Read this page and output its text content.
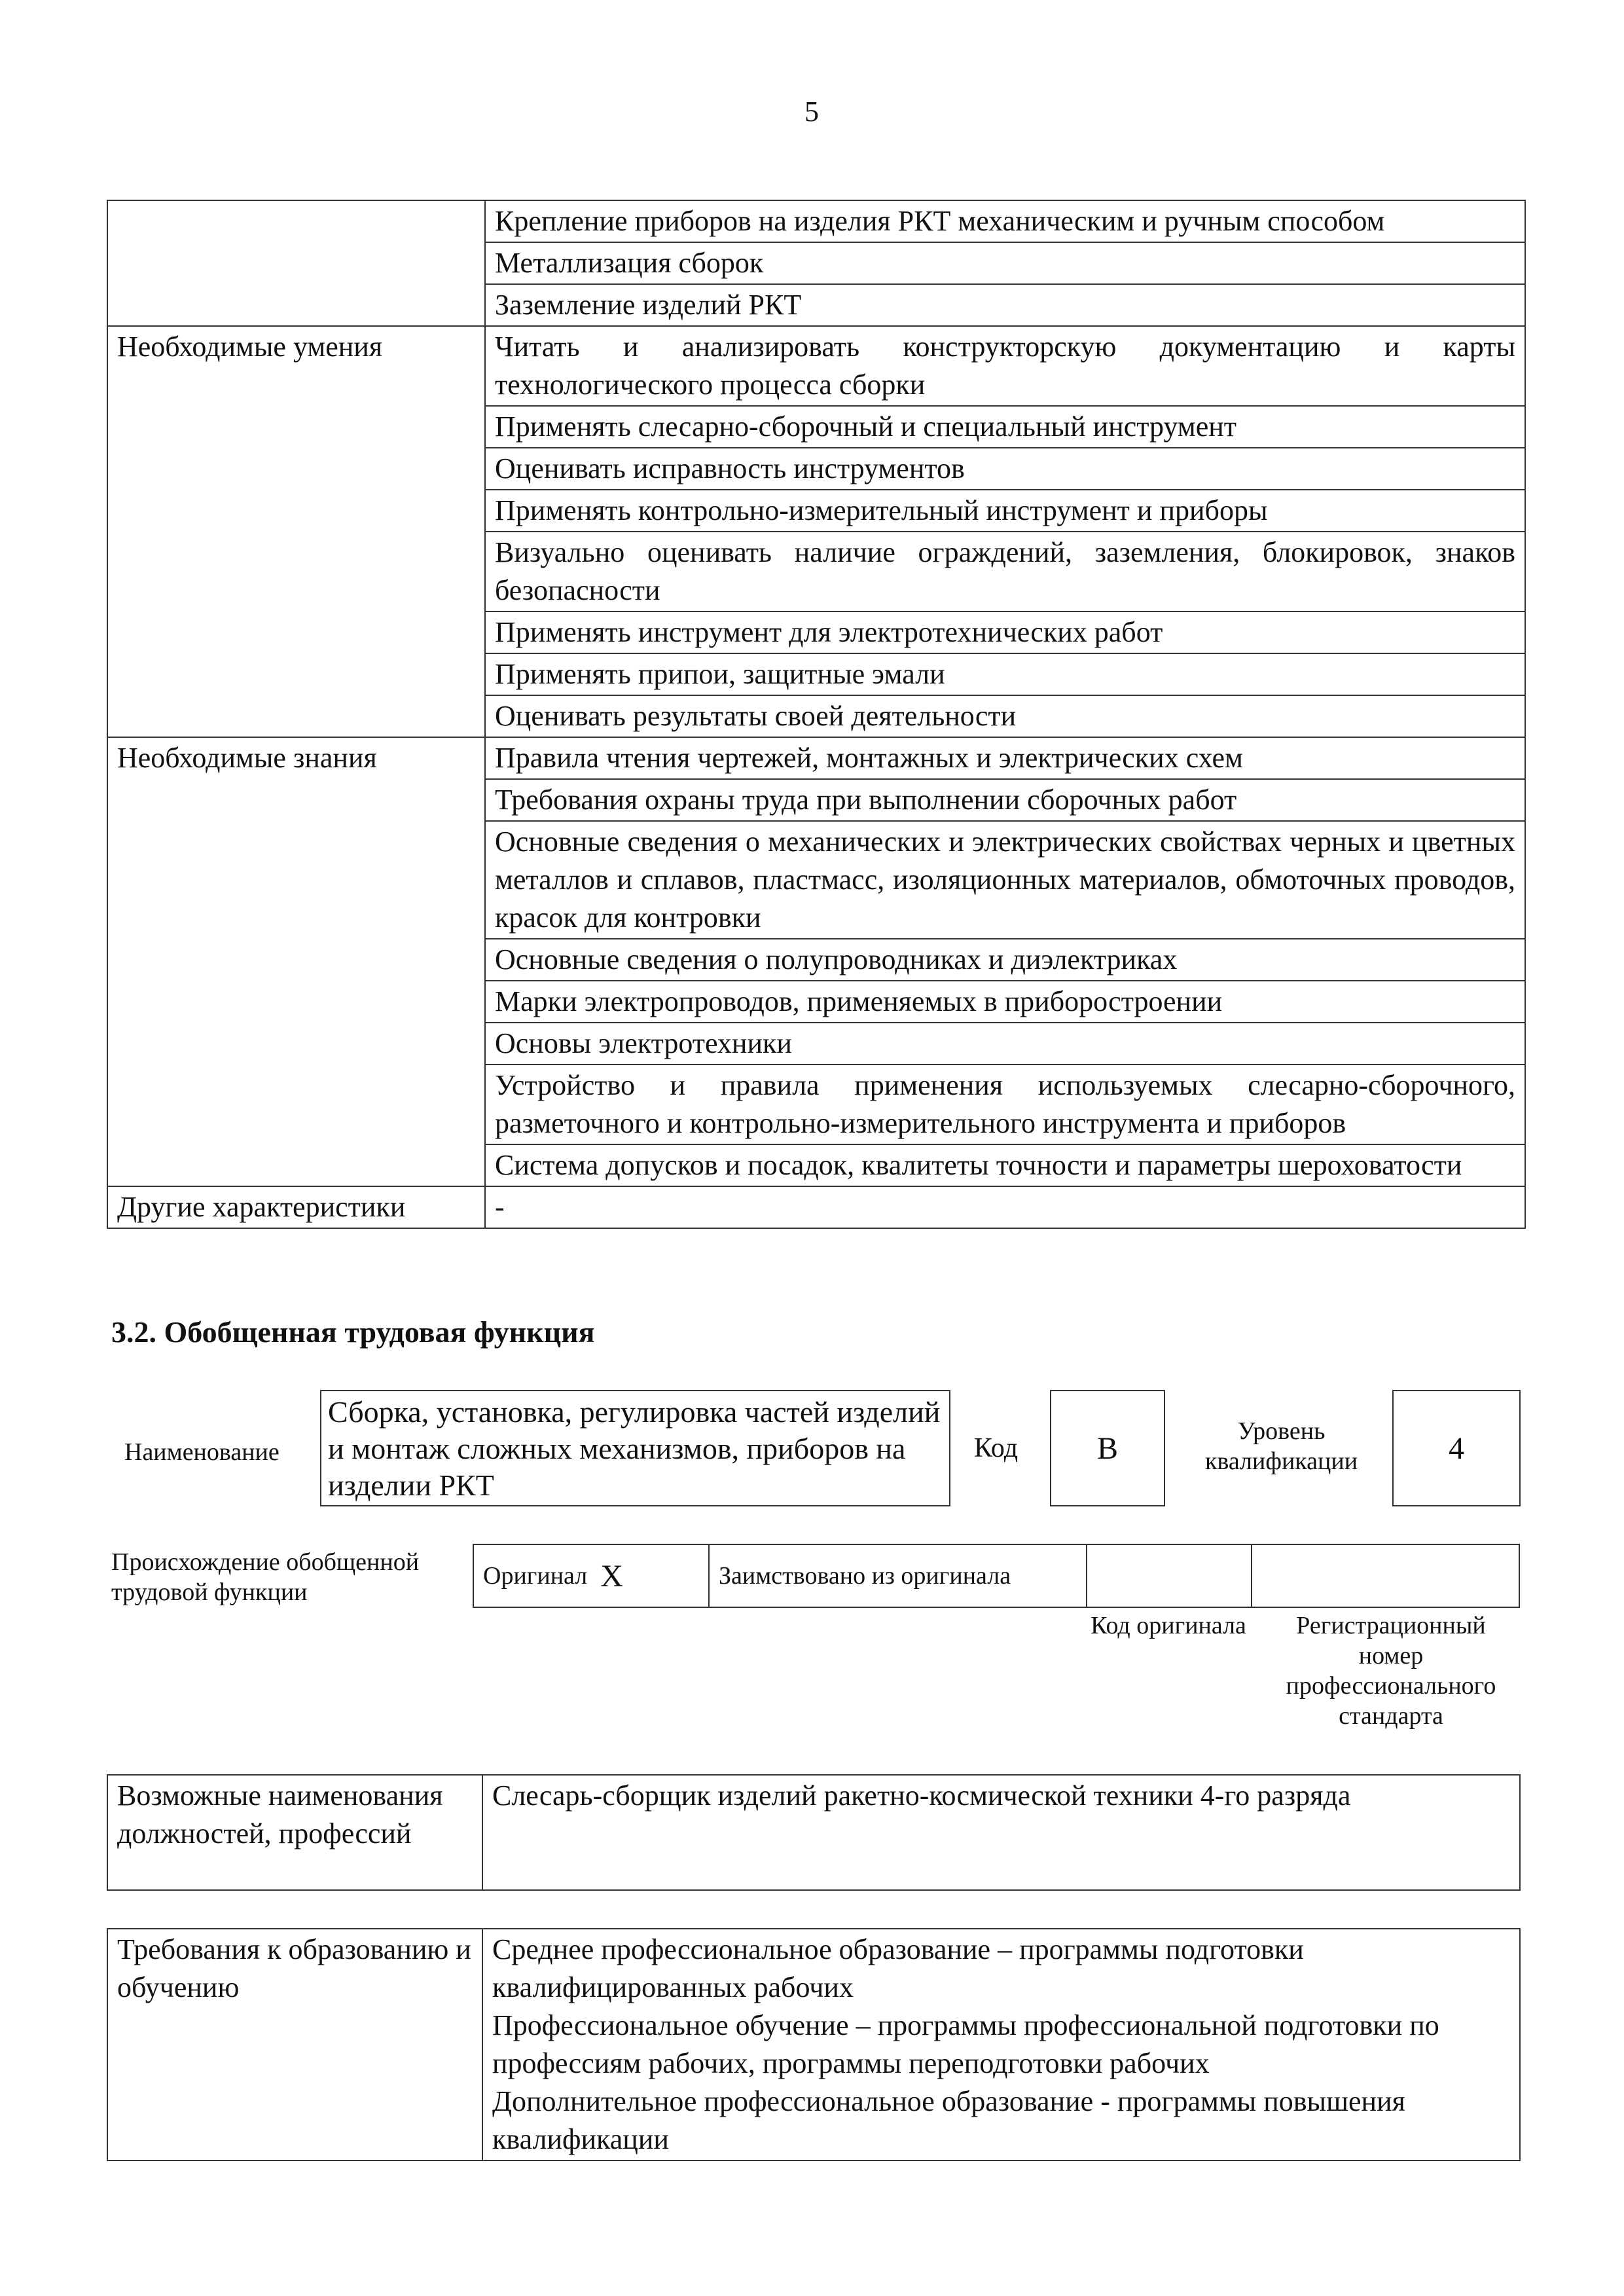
5
	Крепление приборов на изделия РКТ механическим и ручным способом
	Металлизация сборок
	Заземление изделий РКТ
Необходимые умения	Читать и анализировать конструкторскую документацию и карты технологического процесса сборки
	Применять слесарно-сборочный и специальный инструмент
	Оценивать исправность инструментов
	Применять контрольно-измерительный инструмент и приборы
	Визуально оценивать наличие ограждений, заземления, блокировок, знаков безопасности
	Применять инструмент для электротехнических работ
	Применять припои, защитные эмали
	Оценивать результаты своей деятельности
Необходимые знания	Правила чтения чертежей, монтажных и электрических схем
	Требования охраны труда при выполнении сборочных работ
	Основные сведения о механических и электрических свойствах черных и цветных металлов и сплавов, пластмасс, изоляционных материалов, обмоточных проводов, красок для контровки
	Основные сведения о полупроводниках и диэлектриках
	Марки электропроводов, применяемых в приборостроении
	Основы электротехники
	Устройство и правила применения используемых слесарно-сборочного, разметочного и контрольно-измерительного инструмента и приборов
	Система допусков и посадок, квалитеты точности и параметры шероховатости
Другие характеристики	-
3.2. Обобщенная трудовая функция
Наименование
Сборка, установка, регулировка частей изделий и монтаж сложных механизмов, приборов на изделии РКТ
Код	В	Уровень квалификации	4
Происхождение обобщенной трудовой функции
Оригинал Х	Заимствовано из оригинала
Код оригинала	Регистрационный номер профессионального стандарта
Возможные наименования должностей, профессий	Слесарь-сборщик изделий ракетно-космической техники 4-го разряда
Требования к образованию и обучению	
Среднее профессиональное образование – программы подготовки квалифицированных рабочих
Профессиональное обучение – программы профессиональной подготовки по профессиям рабочих, программы переподготовки рабочих
Дополнительное профессиональное образование - программы повышения квалификации
